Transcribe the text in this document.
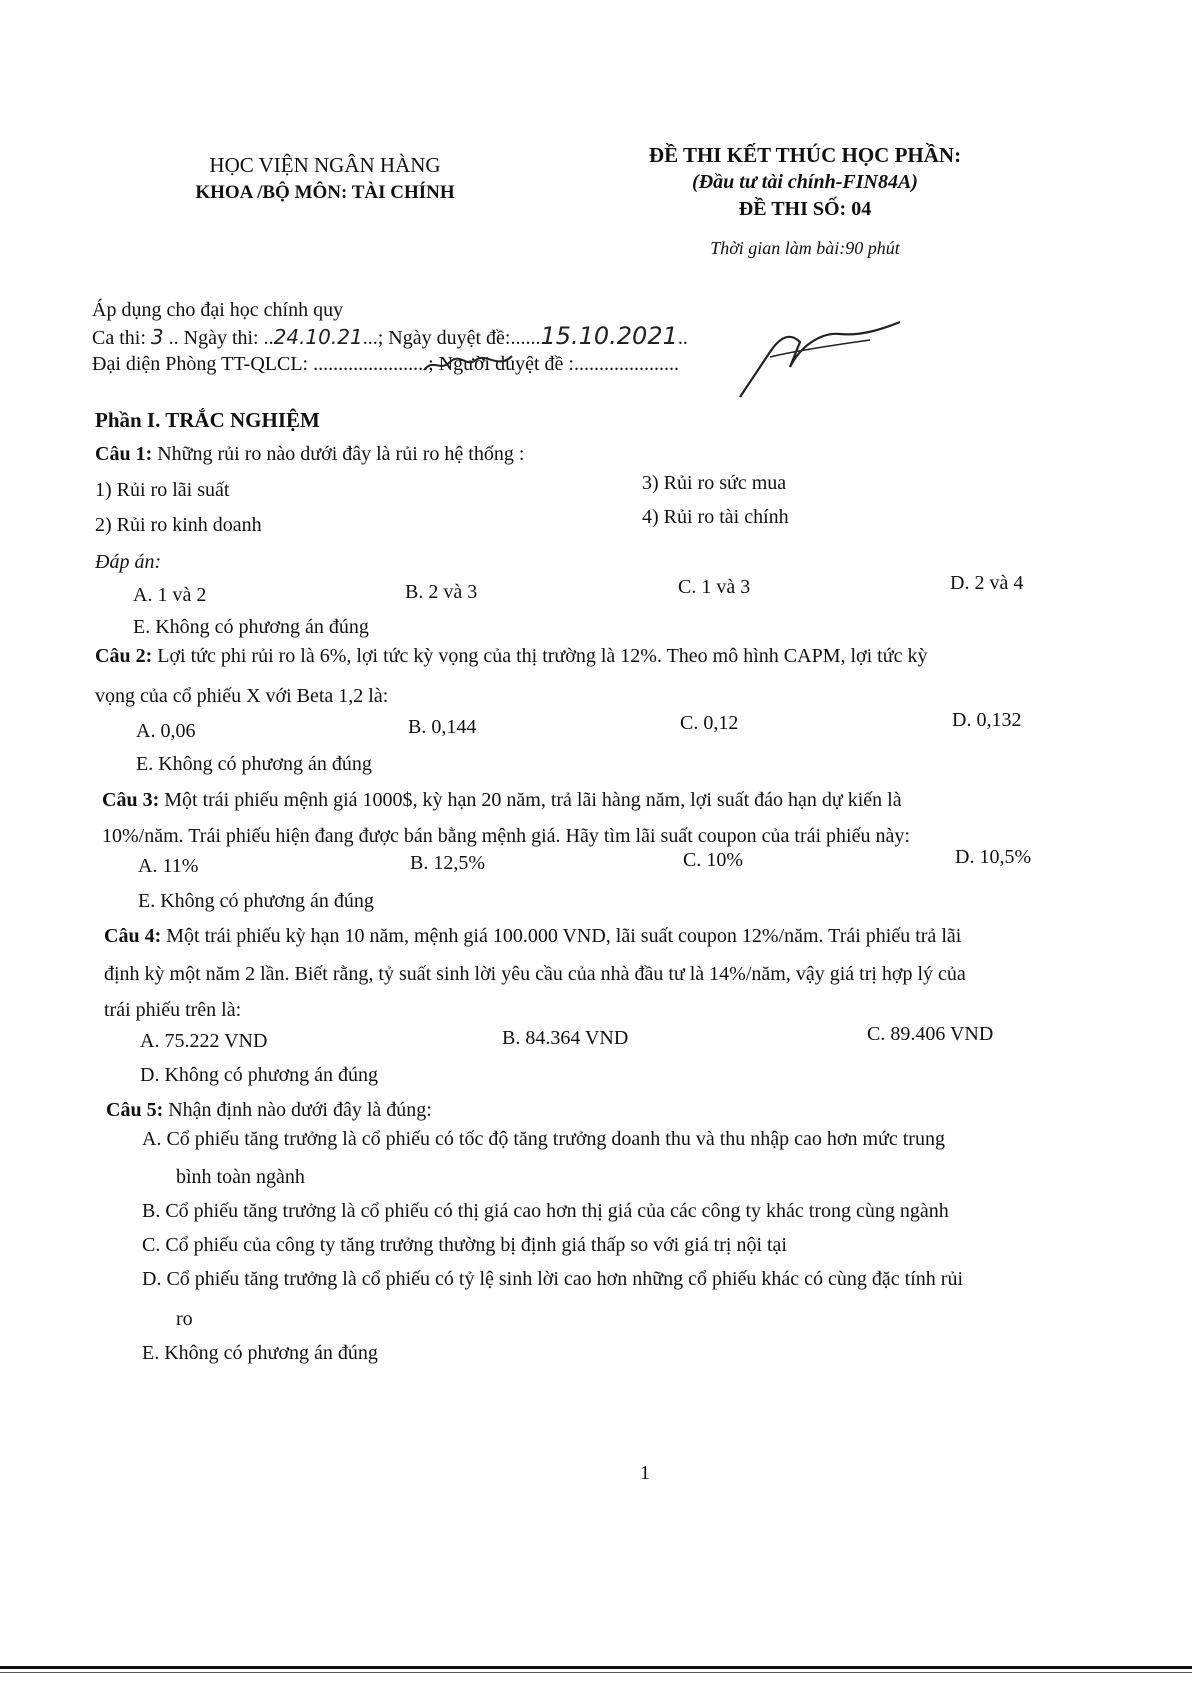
HỌC VIỆN NGÂN HÀNG
KHOA /BỘ MÔN: TÀI CHÍNH
ĐỀ THI KẾT THÚC HỌC PHẦN:
(Đầu tư tài chính-FIN84A)
ĐỀ THI SỐ: 04
Thời gian làm bài:90 phút
Áp dụng cho đại học chính quy
Ca thi: 3 .. Ngày thi: ..24.10.21...; Ngày duyệt đề:......15.10.2021..
Đại diện Phòng TT-QLCL: .......................; Người duyệt đề :.....................
Phần I. TRẮC NGHIỆM
Câu 1: Những rủi ro nào dưới đây là rủi ro hệ thống :
1) Rủi ro lãi suất
2) Rủi ro kinh doanh
3) Rủi ro sức mua
4) Rủi ro tài chính
Đáp án:
A. 1 và 2	B. 2 và 3	C. 1 và 3	D. 2 và 4
E. Không có phương án đúng
Câu 2: Lợi tức phi rủi ro là 6%, lợi tức kỳ vọng của thị trường là 12%. Theo mô hình CAPM, lợi tức kỳ
vọng của cổ phiếu X với Beta 1,2 là:
A. 0,06	B. 0,144	C. 0,12	D. 0,132
E. Không có phương án đúng
Câu 3: Một trái phiếu mệnh giá 1000$, kỳ hạn 20 năm, trả lãi hàng năm, lợi suất đáo hạn dự kiến là
10%/năm. Trái phiếu hiện đang được bán bằng mệnh giá. Hãy tìm lãi suất coupon của trái phiếu này:
A. 11%	B. 12,5%	C. 10%	D. 10,5%
E. Không có phương án đúng
Câu 4: Một trái phiếu kỳ hạn 10 năm, mệnh giá 100.000 VND, lãi suất coupon 12%/năm. Trái phiếu trả lãi
định kỳ một năm 2 lần. Biết rằng, tỷ suất sinh lời yêu cầu của nhà đầu tư là 14%/năm, vậy giá trị hợp lý của
trái phiếu trên là:
A. 75.222 VND	B. 84.364 VND	C. 89.406 VND
D. Không có phương án đúng
Câu 5: Nhận định nào dưới đây là đúng:
A. Cổ phiếu tăng trưởng là cổ phiếu có tốc độ tăng trưởng doanh thu và thu nhập cao hơn mức trung
bình toàn ngành
B. Cổ phiếu tăng trưởng là cổ phiếu có thị giá cao hơn thị giá của các công ty khác trong cùng ngành
C. Cổ phiếu của công ty tăng trưởng thường bị định giá thấp so với giá trị nội tại
D. Cổ phiếu tăng trưởng là cổ phiếu có tỷ lệ sinh lời cao hơn những cổ phiếu khác có cùng đặc tính rủi
ro
E. Không có phương án đúng
1
